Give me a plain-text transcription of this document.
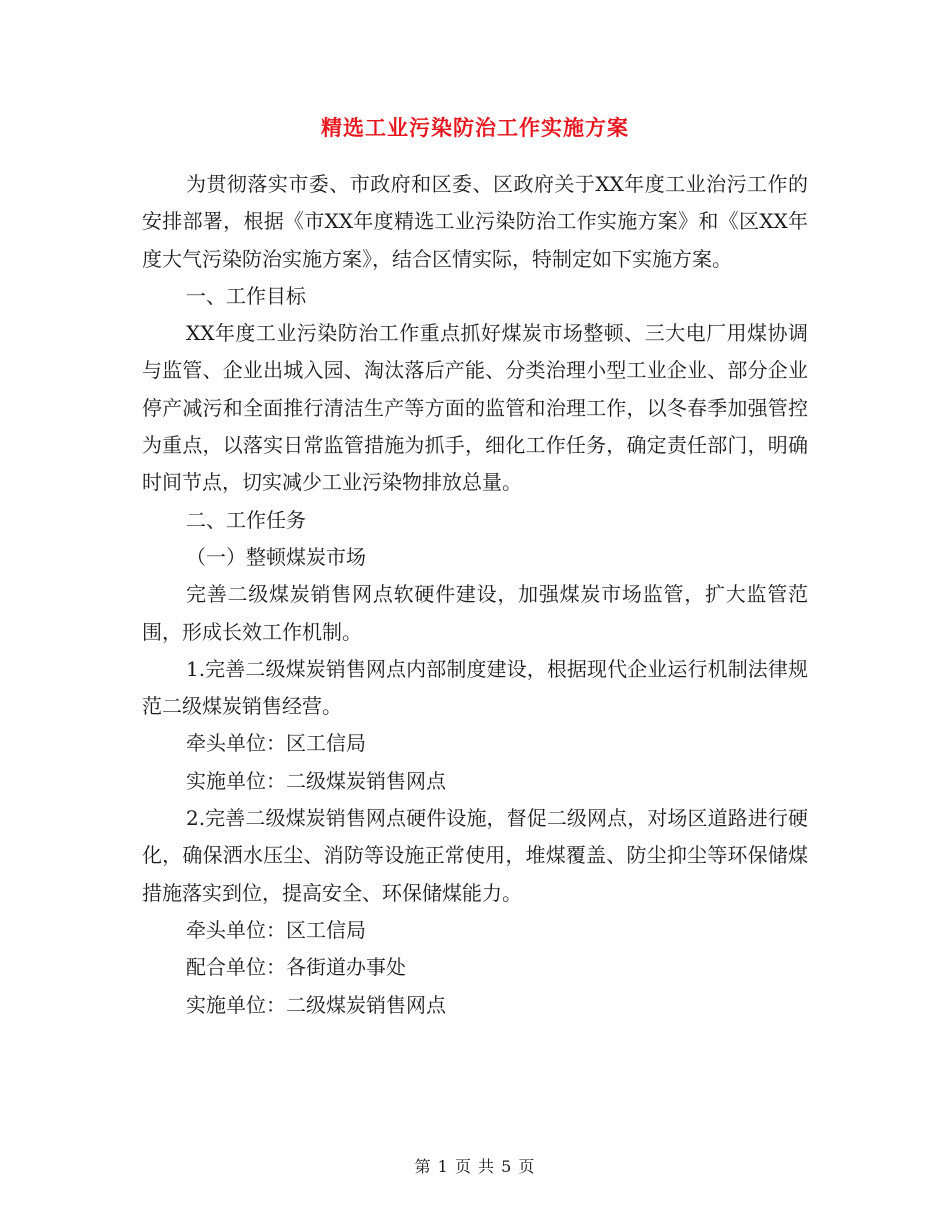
精选工业污染防治工作实施方案

为贯彻落实市委、市政府和区委、区政府关于XX年度工业治污工作的安排部署，根据《市XX年度精选工业污染防治工作实施方案》和《区XX年度大气污染防治实施方案》，结合区情实际，特制定如下实施方案。

一、工作目标

XX年度工业污染防治工作重点抓好煤炭市场整顿、三大电厂用煤协调与监管、企业出城入园、淘汰落后产能、分类治理小型工业企业、部分企业停产减污和全面推行清洁生产等方面的监管和治理工作，以冬春季加强管控为重点，以落实日常监管措施为抓手，细化工作任务，确定责任部门，明确时间节点，切实减少工业污染物排放总量。

二、工作任务

（一）整顿煤炭市场

完善二级煤炭销售网点软硬件建设，加强煤炭市场监管，扩大监管范围，形成长效工作机制。

1.完善二级煤炭销售网点内部制度建设，根据现代企业运行机制法律规范二级煤炭销售经营。

牵头单位：区工信局

实施单位：二级煤炭销售网点

2.完善二级煤炭销售网点硬件设施，督促二级网点，对场区道路进行硬化，确保洒水压尘、消防等设施正常使用，堆煤覆盖、防尘抑尘等环保储煤措施落实到位，提高安全、环保储煤能力。

牵头单位：区工信局

配合单位：各街道办事处

实施单位：二级煤炭销售网点

第 1 页 共 5 页
